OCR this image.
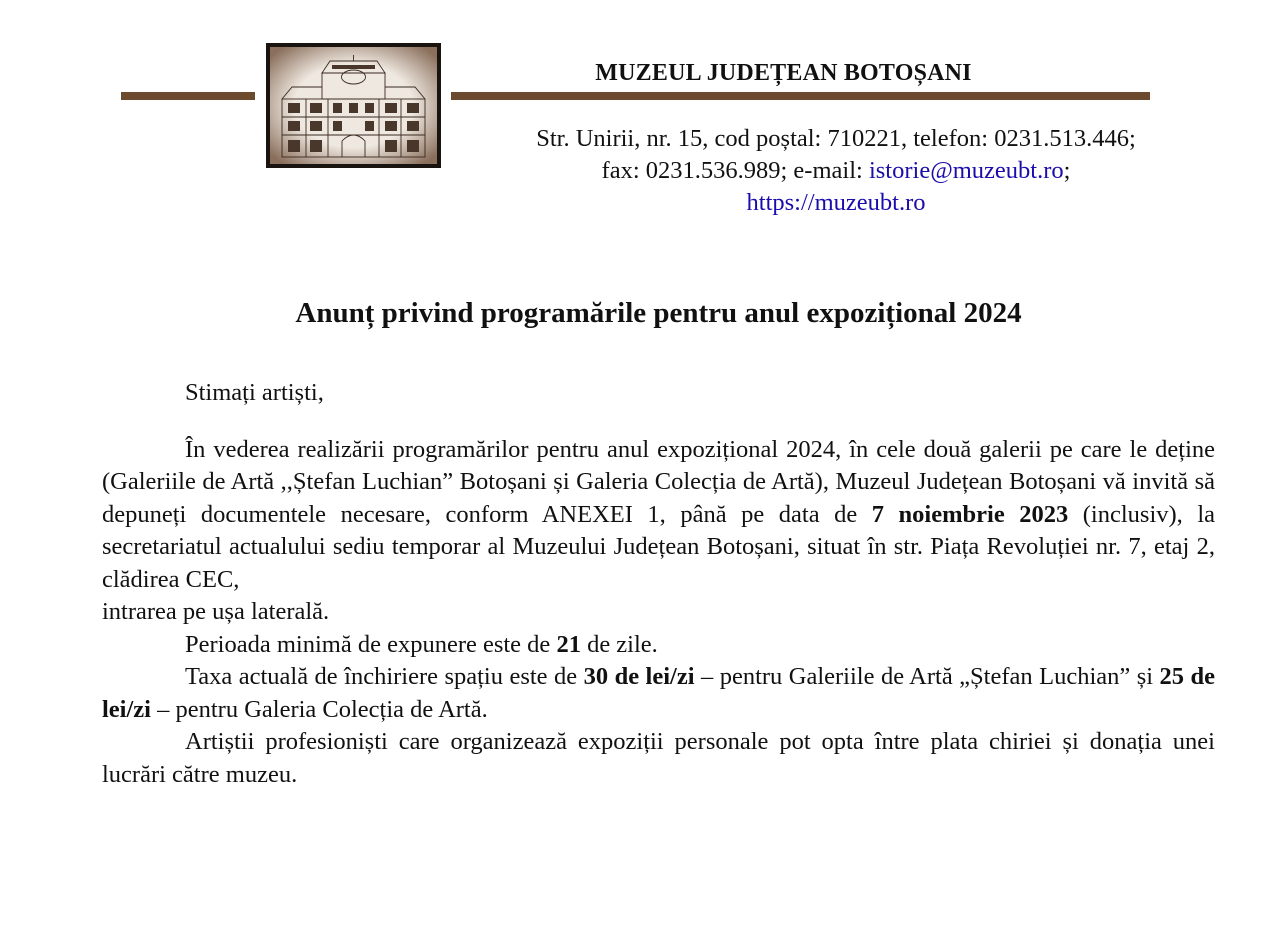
MUZEUL JUDEȚEAN BOTOȘANI
Str. Unirii, nr. 15, cod poștal: 710221, telefon: 0231.513.446;
fax: 0231.536.989; e-mail: istorie@muzeubt.ro;
https://muzeubt.ro
Anunț privind programările pentru anul expozițional 2024

Stimați artiști,

În vederea realizării programărilor pentru anul expozițional 2024, în cele două galerii pe care le deține (Galeriile de Artă ,,Ștefan Luchian” Botoșani și Galeria Colecția de Artă), Muzeul Județean Botoșani vă invită să depuneți documentele necesare, conform ANEXEI 1, până pe data de 7 noiembrie 2023 (inclusiv), la secretariatul actualului sediu temporar al Muzeului Județean Botoșani, situat în str. Piața Revoluției nr. 7, etaj 2, clădirea CEC,

intrarea pe ușa laterală.

Perioada minimă de expunere este de 21 de zile.

Taxa actuală de închiriere spațiu este de 30 de lei/zi – pentru Galeriile de Artă „Ștefan Luchian” și 25 de lei/zi – pentru Galeria Colecția de Artă.

Artiștii profesioniști care organizează expoziții personale pot opta între plata chiriei și donația unei lucrări către muzeu.
